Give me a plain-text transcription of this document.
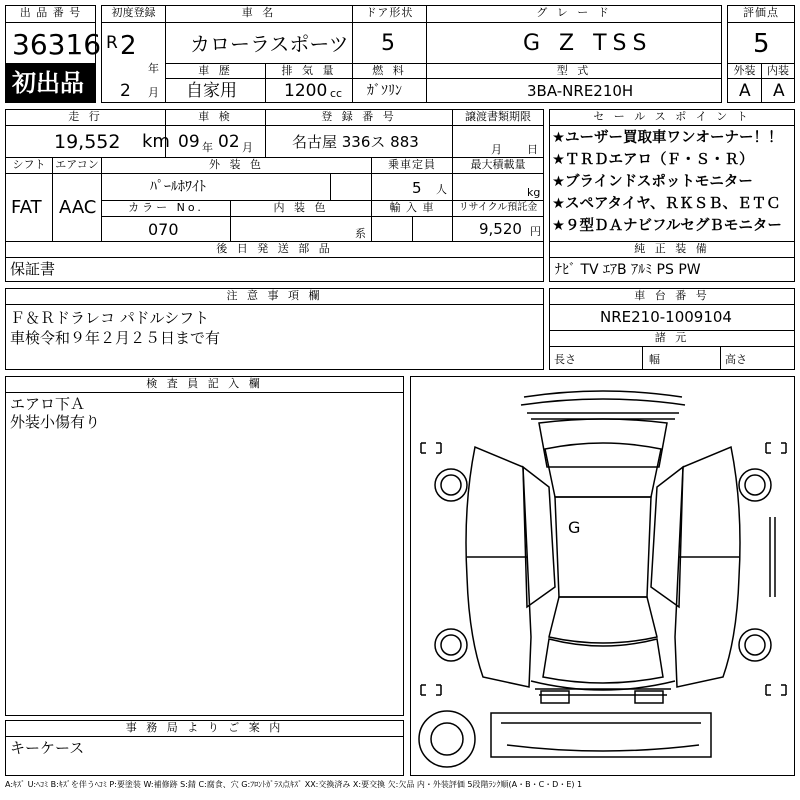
出 品 番 号
36316
初出品
初度登録
R 2
年
2 月
車 名
カローラスポーツ
ドア形状
5
グ レ ー ド
G Z TSS
評価点
5
車 歴
自家用
排 気 量
1200 cc
燃 料
ｶﾞｿﾘﾝ
型 式
3BA-NRE210H
外装
A
内装
A
走 行
19,552 km
車 検
09 年 02 月
登 録 番 号
名古屋 336ス 883
譲渡書類期限
月 日
セ ー ル ス ポ イ ン ト
★ユーザー買取車ワンオーナー！！
★ＴＲＤエアロ（Ｆ・Ｓ・Ｒ）
★ブラインドスポットモニター
★スペアタイヤ、ＲＫＳＢ、ＥＴＣ
★９型ＤＡナビフルセグＢモニター
シフト
FAT
エアコン
AAC
外 装 色
ﾊﾟｰﾙﾎﾜｲﾄ
乗車定員
5 人
最大積載量
kg
カラー No.
070
内 装 色
系
輸 入 車	リサイクル預託金
9,520 円
後 日 発 送 部 品
保証書
純 正 装 備
ﾅﾋﾞ TV ｴｱB ｱﾙﾐ PS PW
注 意 事 項 欄
Ｆ＆Ｒドラレコ パドルシフト
車検令和９年２月２５日まで有
車 台 番 号
NRE210-1009104
諸 元
長さ	幅	高さ
検 査 員 記 入 欄
エアロ下Ａ
外装小傷有り
事 務 局 よ り ご 案 内
キーケース
G
A:ｷｽﾞ U:ﾍｺﾐ B:ｷｽﾞを伴うﾍｺﾐ P:要塗装 W:補修跡 S:錆 C:腐食、穴 G:ﾌﾛﾝﾄｶﾞﾗｽ点ｷｽﾞ XX:交換済み X:要交換 欠:欠品 内・外装評価 5段階ﾗﾝｸ順(A・B・C・D・E) 1
